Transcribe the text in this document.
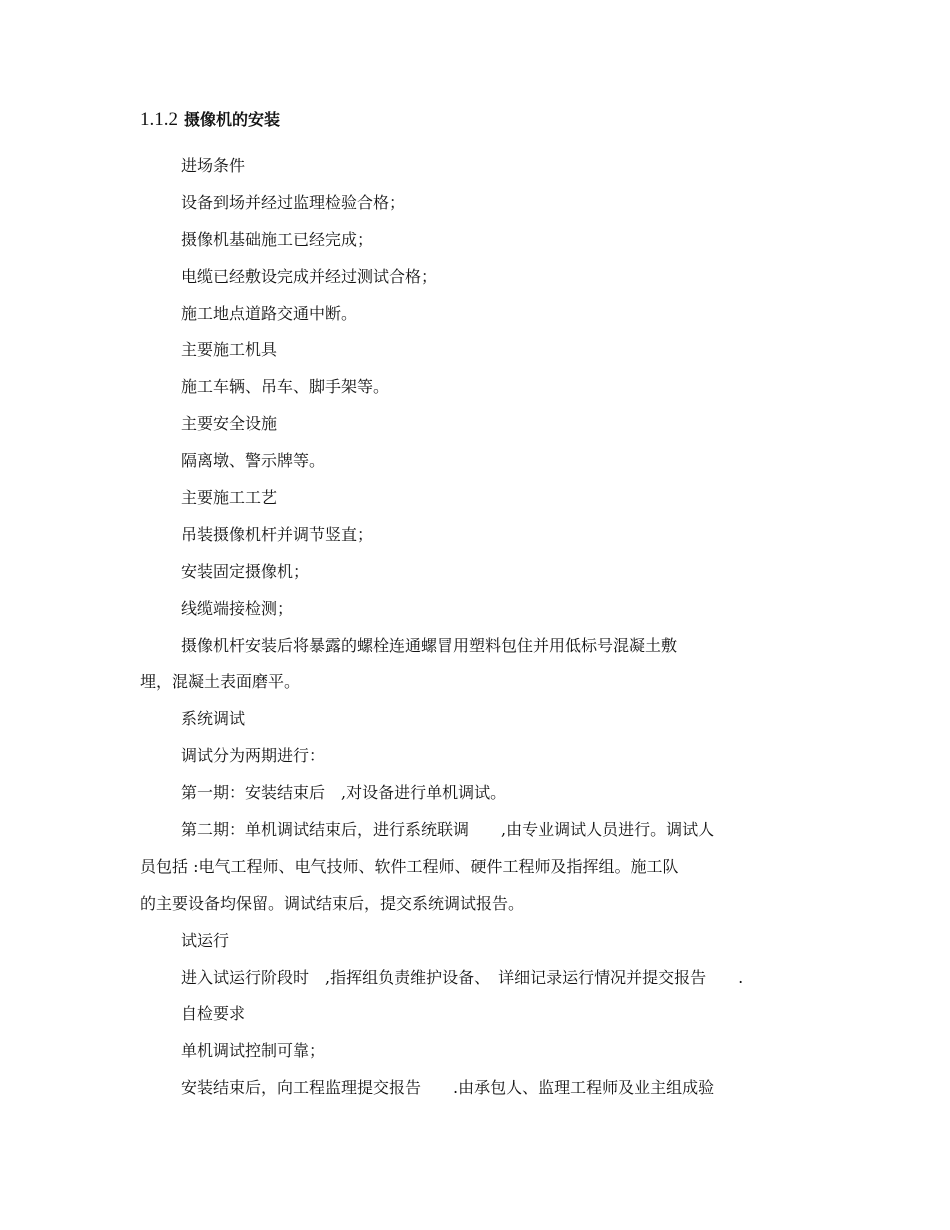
1.1.2 摄像机的安装
进场条件
设备到场并经过监理检验合格；
摄像机基础施工已经完成；
电缆已经敷设完成并经过测试合格；
施工地点道路交通中断。
主要施工机具
施工车辆、吊车、脚手架等。
主要安全设施
隔离墩、警示牌等。
主要施工工艺
吊装摄像机杆并调节竖直；
安装固定摄像机；
线缆端接检测；
摄像机杆安装后将暴露的螺栓连通螺冒用塑料包住并用低标号混凝土敷
埋，混凝土表面磨平。
系统调试
调试分为两期进行：
第一期：安装结束后　,对设备进行单机调试。
第二期：单机调试结束后，进行系统联调　　,由专业调试人员进行。调试人
员包括 :电气工程师、电气技师、软件工程师、硬件工程师及指挥组。施工队
的主要设备均保留。调试结束后，提交系统调试报告。
试运行
进入试运行阶段时　,指挥组负责维护设备、　详细记录运行情况并提交报告　　.
自检要求
单机调试控制可靠；
安装结束后，向工程监理提交报告　　.由承包人、监理工程师及业主组成验
